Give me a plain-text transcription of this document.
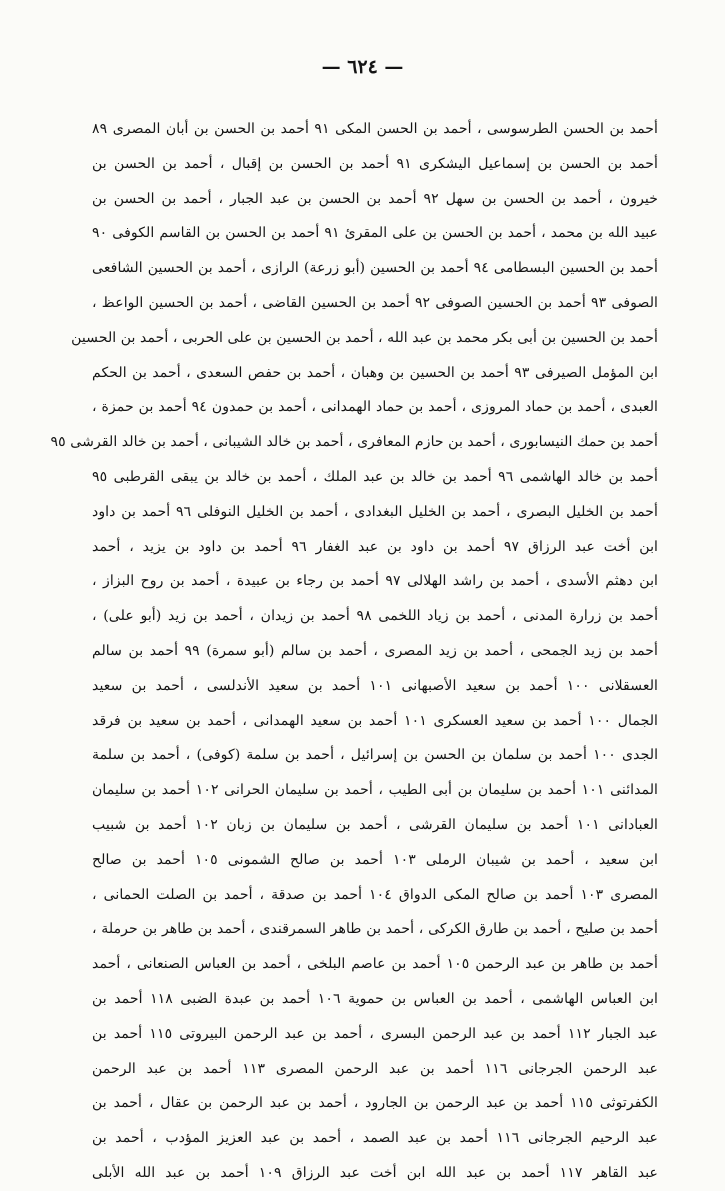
— ٦٢٤ —
أحمد بن الحسن الطرسوسى ، أحمد بن الحسن المكى ٩١ أحمد بن الحسن بن أبان المصرى ٨٩
أحمد بن الحسن بن إسماعيل اليشكرى ٩١ أحمد بن الحسن بن إقبال ، أحمد بن الحسن بن
خيرون ، أحمد بن الحسن بن سهل ٩٢ أحمد بن الحسن بن عبد الجبار ، أحمد بن الحسن بن
عبيد الله بن محمد ، أحمد بن الحسن بن على المقرئ ٩١ أحمد بن الحسن بن القاسم الكوفى ٩٠
أحمد بن الحسين البسطامى ٩٤ أحمد بن الحسين (أبو زرعة) الرازى ، أحمد بن الحسين الشافعى
الصوفى ٩٣ أحمد بن الحسين الصوفى ٩٢ أحمد بن الحسين القاضى ، أحمد بن الحسين الواعظ ،
أحمد بن الحسين بن أبى بكر محمد بن عبد الله ، أحمد بن الحسين بن على الحربى ، أحمد بن الحسين
ابن المؤمل الصيرفى ٩٣ أحمد بن الحسين بن وهبان ، أحمد بن حفص السعدى ، أحمد بن الحكم
العبدى ، أحمد بن حماد المروزى ، أحمد بن حماد الهمدانى ، أحمد بن حمدون ٩٤ أحمد بن حمزة ،
أحمد بن حمك النيسابورى ، أحمد بن حازم المعافرى ، أحمد بن خالد الشيبانى ، أحمد بن خالد القرشى ٩٥
أحمد بن خالد الهاشمى ٩٦ أحمد بن خالد بن عبد الملك ، أحمد بن خالد بن يبقى القرطبى ٩٥
أحمد بن الخليل البصرى ، أحمد بن الخليل البغدادى ، أحمد بن الخليل النوفلى ٩٦ أحمد بن داود
ابن أخت عبد الرزاق ٩٧ أحمد بن داود بن عبد الغفار ٩٦ أحمد بن داود بن يزيد ، أحمد
ابن دهثم الأسدى ، أحمد بن راشد الهلالى ٩٧ أحمد بن رجاء بن عبيدة ، أحمد بن روح البزاز ،
أحمد بن زرارة المدنى ، أحمد بن زياد اللخمى ٩٨ أحمد بن زيدان ، أحمد بن زيد (أبو على) ،
أحمد بن زيد الجمحى ، أحمد بن زيد المصرى ، أحمد بن سالم (أبو سمرة) ٩٩ أحمد بن سالم
العسقلانى ١٠٠ أحمد بن سعيد الأصبهانى ١٠١ أحمد بن سعيد الأندلسى ، أحمد بن سعيد
الجمال ١٠٠ أحمد بن سعيد العسكرى ١٠١ أحمد بن سعيد الهمدانى ، أحمد بن سعيد بن فرقد
الجدى ١٠٠ أحمد بن سلمان بن الحسن بن إسرائيل ، أحمد بن سلمة (كوفى) ، أحمد بن سلمة
المدائنى ١٠١ أحمد بن سليمان بن أبى الطيب ، أحمد بن سليمان الحرانى ١٠٢ أحمد بن سليمان
العبادانى ١٠١ أحمد بن سليمان القرشى ، أحمد بن سليمان بن زبان ١٠٢ أحمد بن شبيب
ابن سعيد ، أحمد بن شيبان الرملى ١٠٣ أحمد بن صالح الشمونى ١٠٥ أحمد بن صالح
المصرى ١٠٣ أحمد بن صالح المكى الدواق ١٠٤ أحمد بن صدقة ، أحمد بن الصلت الحمانى ،
أحمد بن صليح ، أحمد بن طارق الكركى ، أحمد بن طاهر السمرقندى ، أحمد بن طاهر بن حرملة ،
أحمد بن طاهر بن عبد الرحمن ١٠٥ أحمد بن عاصم البلخى ، أحمد بن العباس الصنعانى ، أحمد
ابن العباس الهاشمى ، أحمد بن العباس بن حموية ١٠٦ أحمد بن عبدة الضبى ١١٨ أحمد بن
عبد الجبار ١١٢ أحمد بن عبد الرحمن البسرى ، أحمد بن عبد الرحمن البيروتى ١١٥ أحمد بن
عبد الرحمن الجرجانى ١١٦ أحمد بن عبد الرحمن المصرى ١١٣ أحمد بن عبد الرحمن
الكفرتوثى ١١٥ أحمد بن عبد الرحمن بن الجارود ، أحمد بن عبد الرحمن بن عقال ، أحمد بن
عبد الرحيم الجرجانى ١١٦ أحمد بن عبد الصمد ، أحمد بن عبد العزيز المؤدب ، أحمد بن
عبد القاهر ١١٧ أحمد بن عبد الله ابن أخت عبد الرزاق ١٠٩ أحمد بن عبد الله الأبلى
